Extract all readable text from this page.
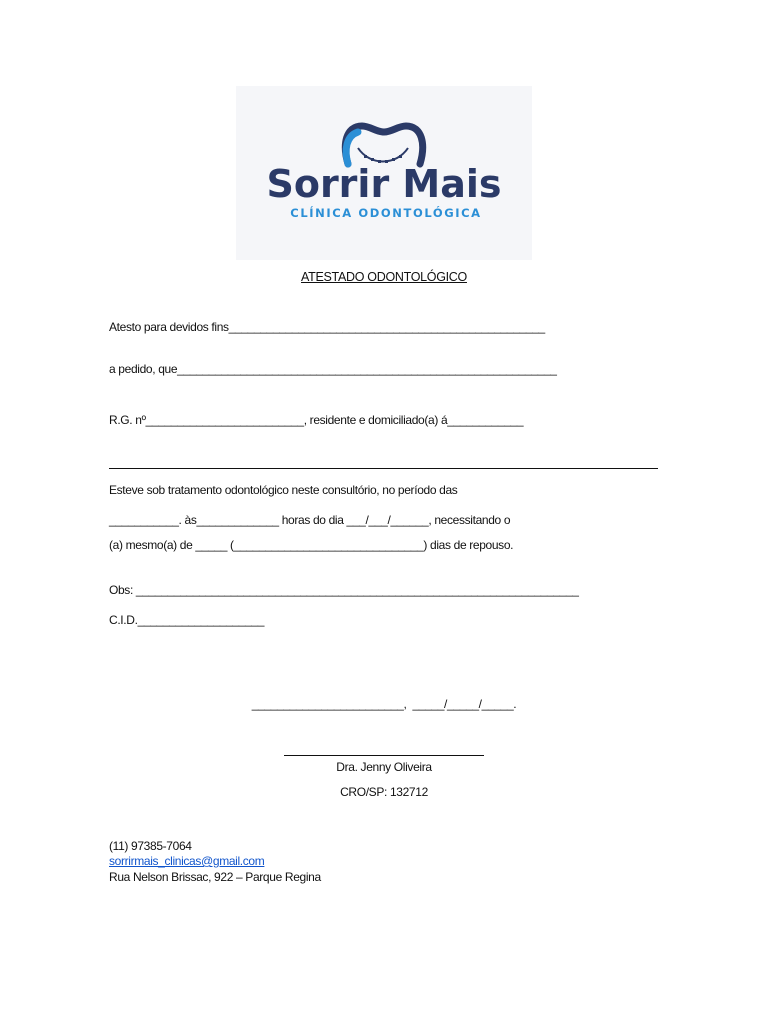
Sorrir Mais
CLÍNICA ODONTOLÓGICA
ATESTADO ODONTOLÓGICO
Atesto para devidos fins__________________________________________________
a pedido, que____________________________________________________________
R.G. nº_________________________, residente e domiciliado(a) á____________
Esteve sob tratamento odontológico neste consultório, no período das
___________. às_____________ horas do dia ___/___/______, necessitando o
(a) mesmo(a) de _____ (______________________________) dias de repouso.
Obs: ______________________________________________________________________
C.I.D.____________________
________________________,  _____/_____/_____.
Dra. Jenny Oliveira
CRO/SP: 132712
(11) 97385-7064
sorrirmais_clinicas@gmail.com
Rua Nelson Brissac, 922 – Parque Regina
